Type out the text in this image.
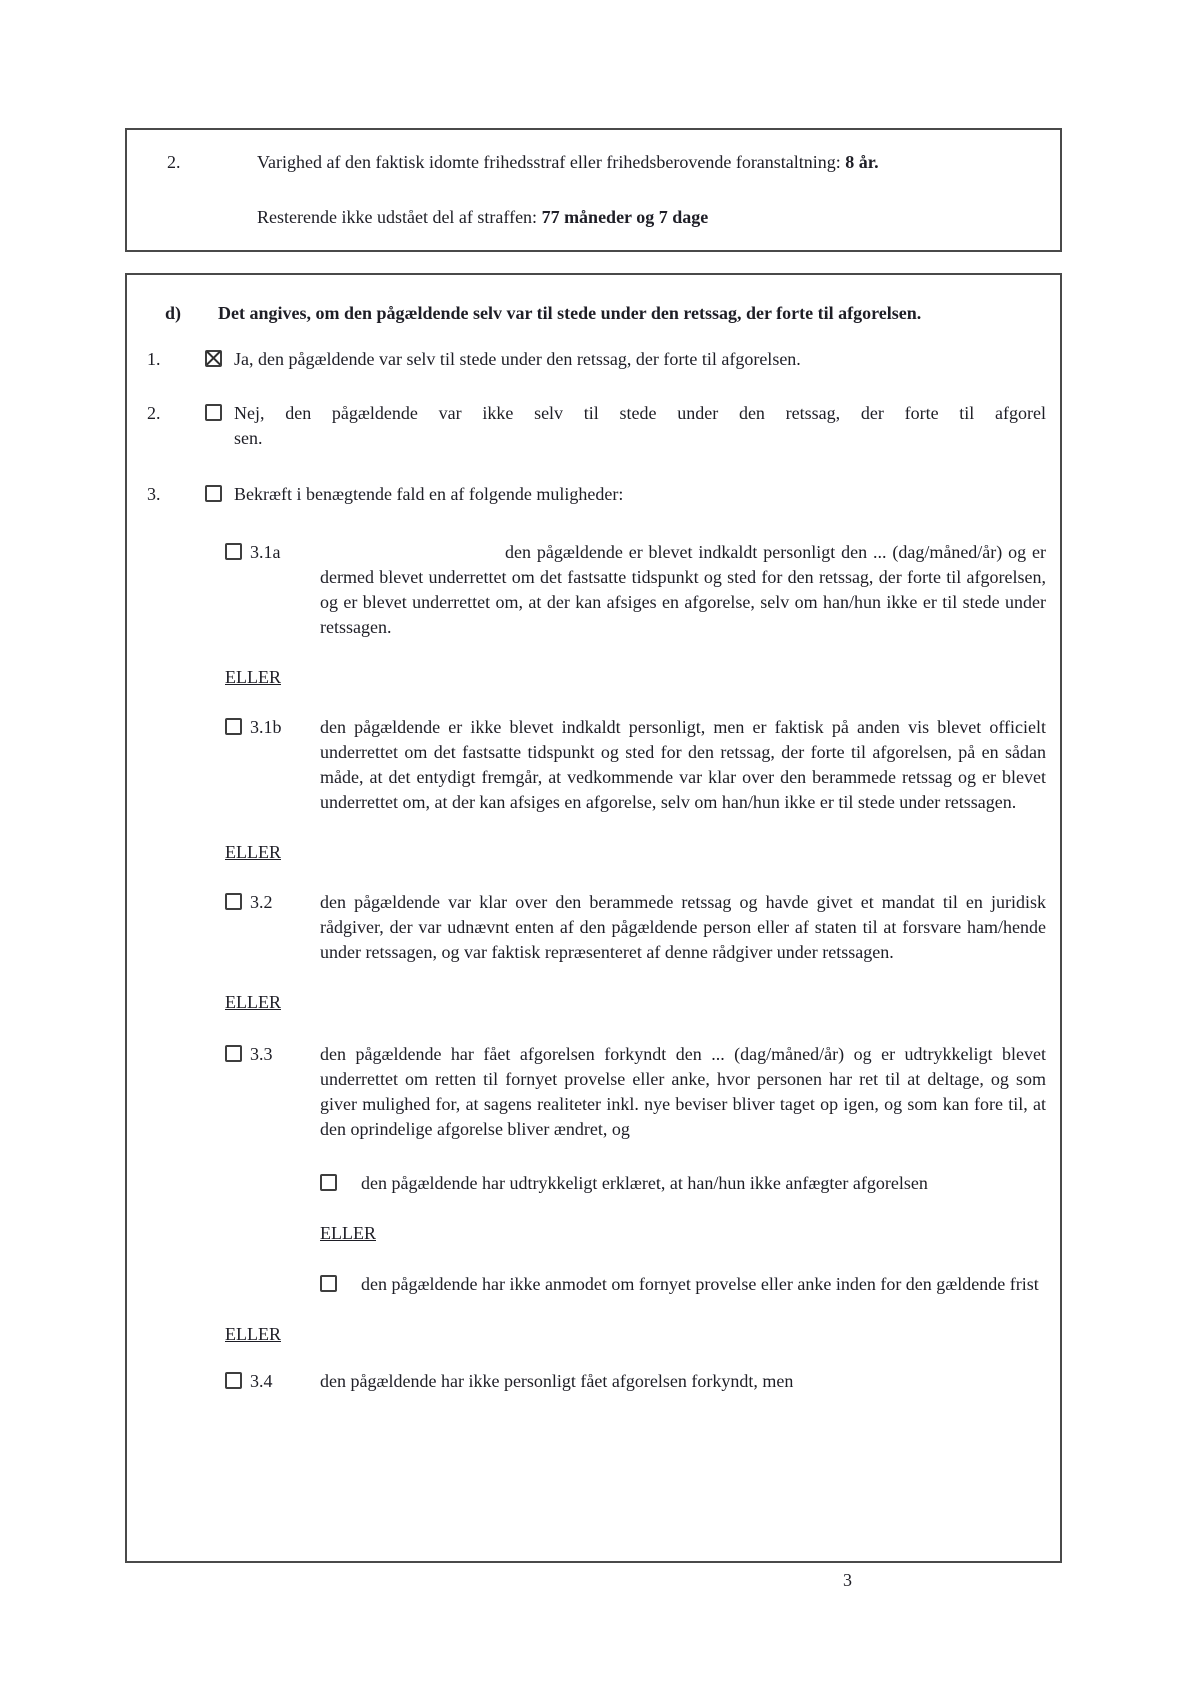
2.	Varighed af den faktisk idomte frihedsstraf eller frihedsberovende foranstaltning: 8 år.

Resterende ikke udstået del af straffen: 77 måneder og 7 dage

d)	Det angives, om den pågældende selv var til stede under den retssag, der forte til afgorelsen.

1.	Ja, den pågældende var selv til stede under den retssag, der forte til afgorelsen.

2.	Nej, den pågældende var ikke selv til stede under den retssag, der forte til afgorel

sen.

3.	Bekræft i benægtende fald en af folgende muligheder:

3.1a	den pågældende er blevet indkaldt personligt den ... (dag/måned/år) og er dermed blevet underrettet om det fastsatte tidspunkt og sted for den retssag, der forte til afgorelsen, og er blevet underrettet om, at der kan afsiges en afgorelse, selv om han/hun ikke er til stede under retssagen.

ELLER
3.1b den pågældende er ikke blevet indkaldt personligt, men er faktisk på anden vis blevet officielt underrettet om det fastsatte tidspunkt og sted for den retssag, der forte til afgorelsen, på en sådan måde, at det entydigt fremgår, at vedkommende var klar over den berammede retssag og er blevet underrettet om, at der kan afsiges en afgorelse, selv om han/hun ikke er til stede under retssagen.

ELLER
3.2	den pågældende var klar over den berammede retssag og havde givet et mandat til en juridisk rådgiver, der var udnævnt enten af den pågældende person eller af staten til at forsvare ham/hende under retssagen, og var faktisk repræsenteret af denne rådgiver under retssagen.

ELLER
3.3	den pågældende har fået afgorelsen forkyndt den ... (dag/måned/år) og er udtrykkeligt blevet underrettet om retten til fornyet provelse eller anke, hvor personen har ret til at deltage, og som giver mulighed for, at sagens realiteter inkl. nye beviser bliver taget op igen, og som kan fore til, at den oprindelige afgorelse bliver ændret, og

den pågældende har udtrykkeligt erklæret, at han/hun ikke anfægter afgorelsen

ELLER

den pågældende har ikke anmodet om fornyet provelse eller anke inden for den gældende frist

ELLER
3.4	den pågældende har ikke personligt fået afgorelsen forkyndt, men

3
